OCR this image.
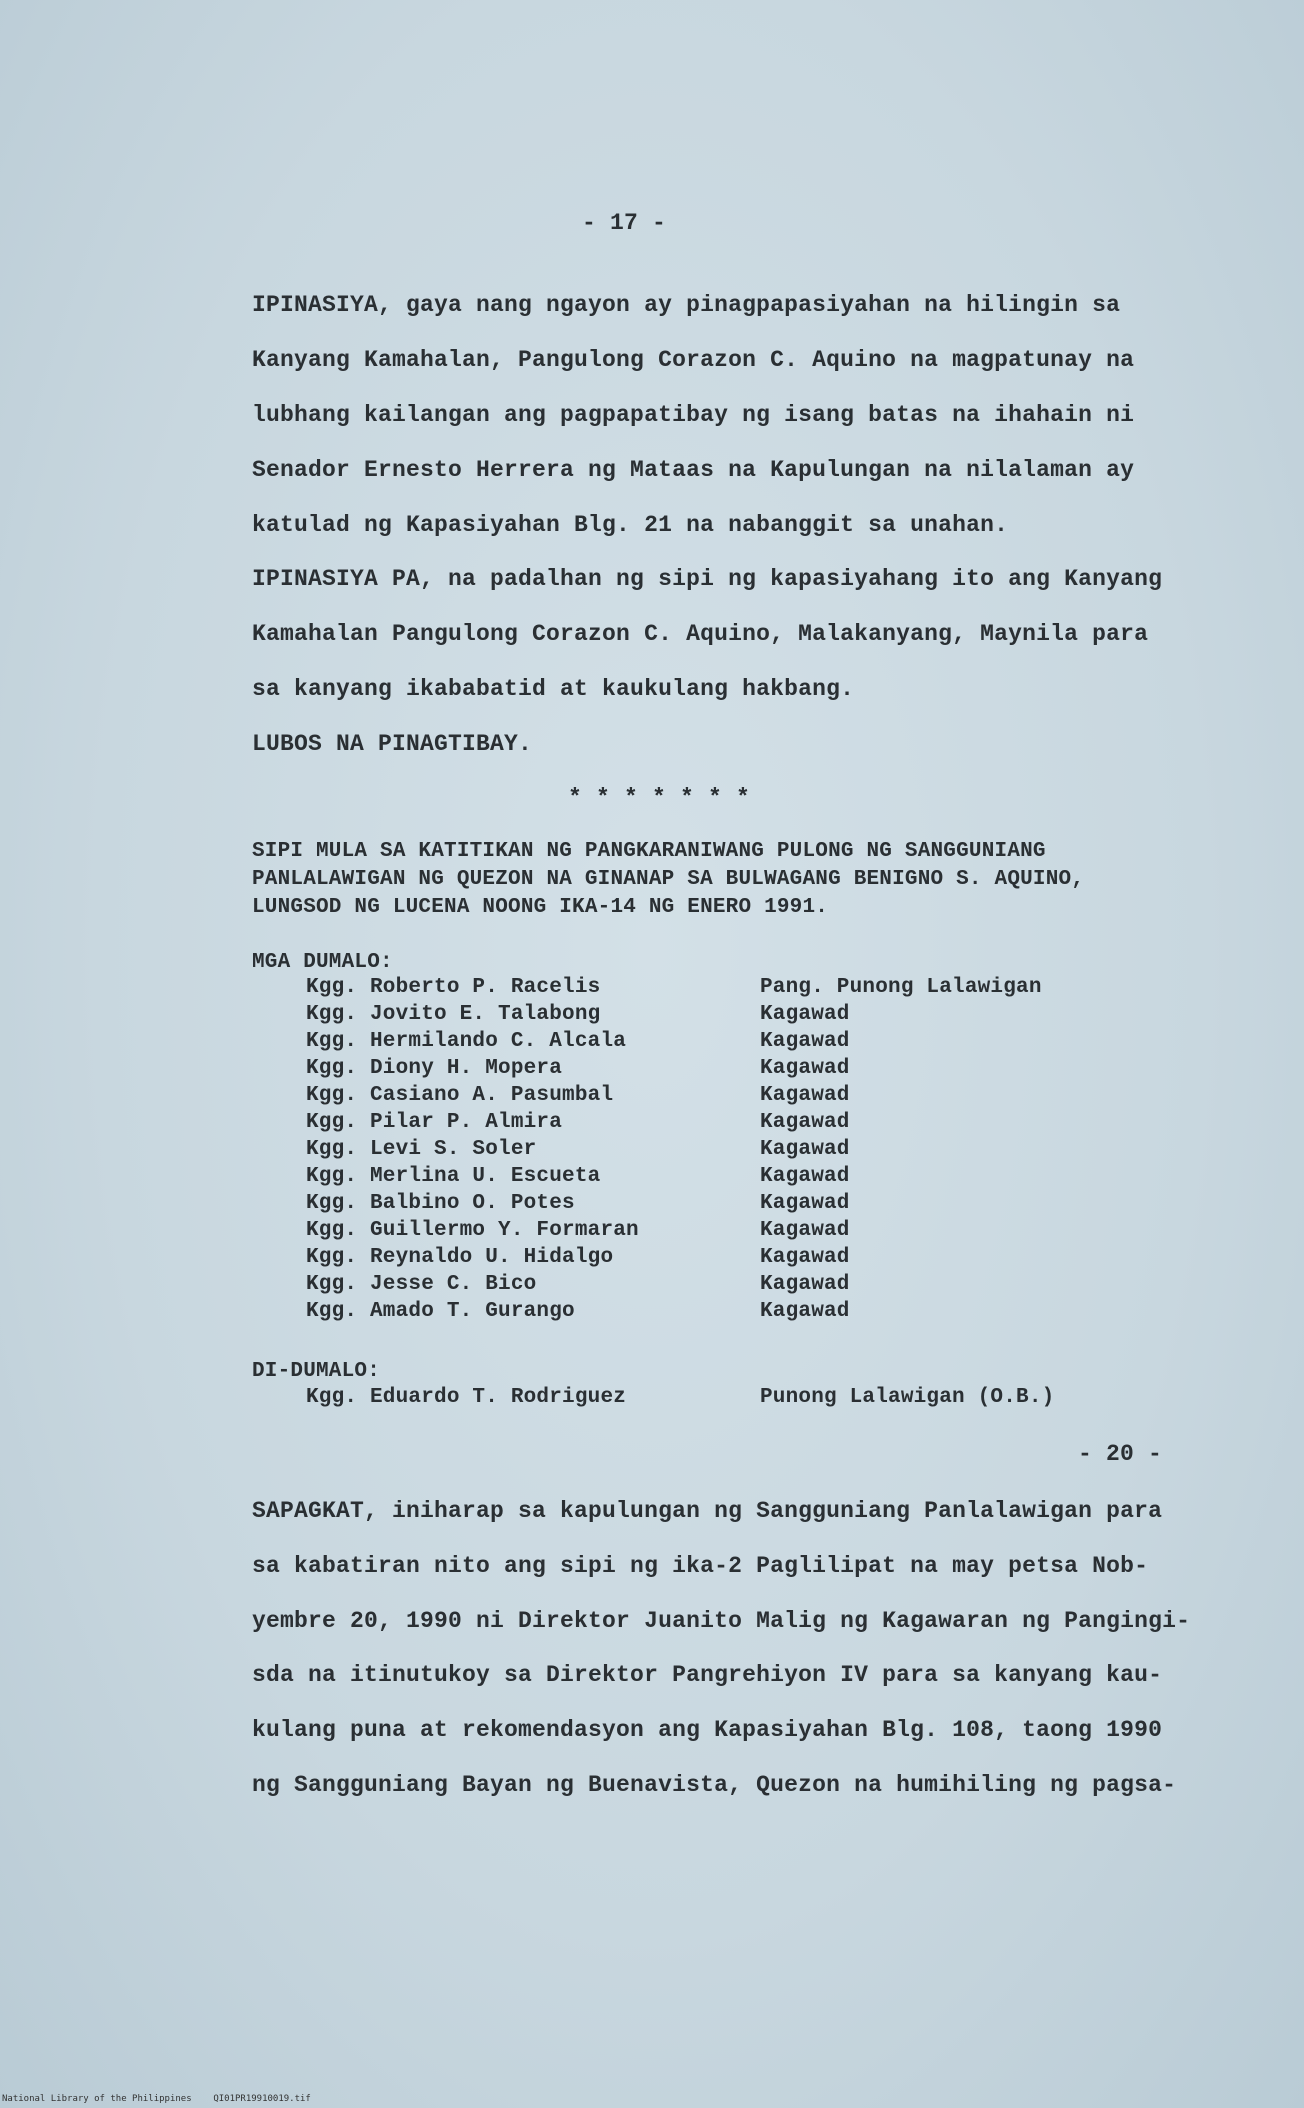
- 17 -
IPINASIYA, gaya nang ngayon ay pinagpapasiyahan na hilingin sa
Kanyang Kamahalan, Pangulong Corazon C. Aquino na magpatunay na
lubhang kailangan ang pagpapatibay ng isang batas na ihahain ni
Senador Ernesto Herrera ng Mataas na Kapulungan na nilalaman ay
katulad ng Kapasiyahan Blg. 21 na nabanggit sa unahan.
IPINASIYA PA, na padalhan ng sipi ng kapasiyahang ito ang Kanyang
Kamahalan Pangulong Corazon C. Aquino, Malakanyang, Maynila para
sa kanyang ikababatid at kaukulang hakbang.
LUBOS NA PINAGTIBAY.
* * * * * * *
SIPI MULA SA KATITIKAN NG PANGKARANIWANG PULONG NG SANGGUNIANG
PANLALAWIGAN NG QUEZON NA GINANAP SA BULWAGANG BENIGNO S. AQUINO,
LUNGSOD NG LUCENA NOONG IKA-14 NG ENERO 1991.
MGA DUMALO:
Kgg. Roberto P. Racelis	Pang. Punong Lalawigan
Kgg. Jovito E. Talabong	Kagawad
Kgg. Hermilando C. Alcala	Kagawad
Kgg. Diony H. Mopera	Kagawad
Kgg. Casiano A. Pasumbal	Kagawad
Kgg. Pilar P. Almira	Kagawad
Kgg. Levi S. Soler	Kagawad
Kgg. Merlina U. Escueta	Kagawad
Kgg. Balbino O. Potes	Kagawad
Kgg. Guillermo Y. Formaran	Kagawad
Kgg. Reynaldo U. Hidalgo	Kagawad
Kgg. Jesse C. Bico	Kagawad
Kgg. Amado T. Gurango	Kagawad
DI-DUMALO:
Kgg. Eduardo T. Rodriguez	Punong Lalawigan (O.B.)
- 20 -
SAPAGKAT, iniharap sa kapulungan ng Sangguniang Panlalawigan para
sa kabatiran nito ang sipi ng ika-2 Paglilipat na may petsa Nob-
yembre 20, 1990 ni Direktor Juanito Malig ng Kagawaran ng Pangingi-
sda na itinutukoy sa Direktor Pangrehiyon IV para sa kanyang kau-
kulang puna at rekomendasyon ang Kapasiyahan Blg. 108, taong 1990
ng Sangguniang Bayan ng Buenavista, Quezon na humihiling ng pagsa-
National Library of the Philippines    QI01PR19910019.tif
